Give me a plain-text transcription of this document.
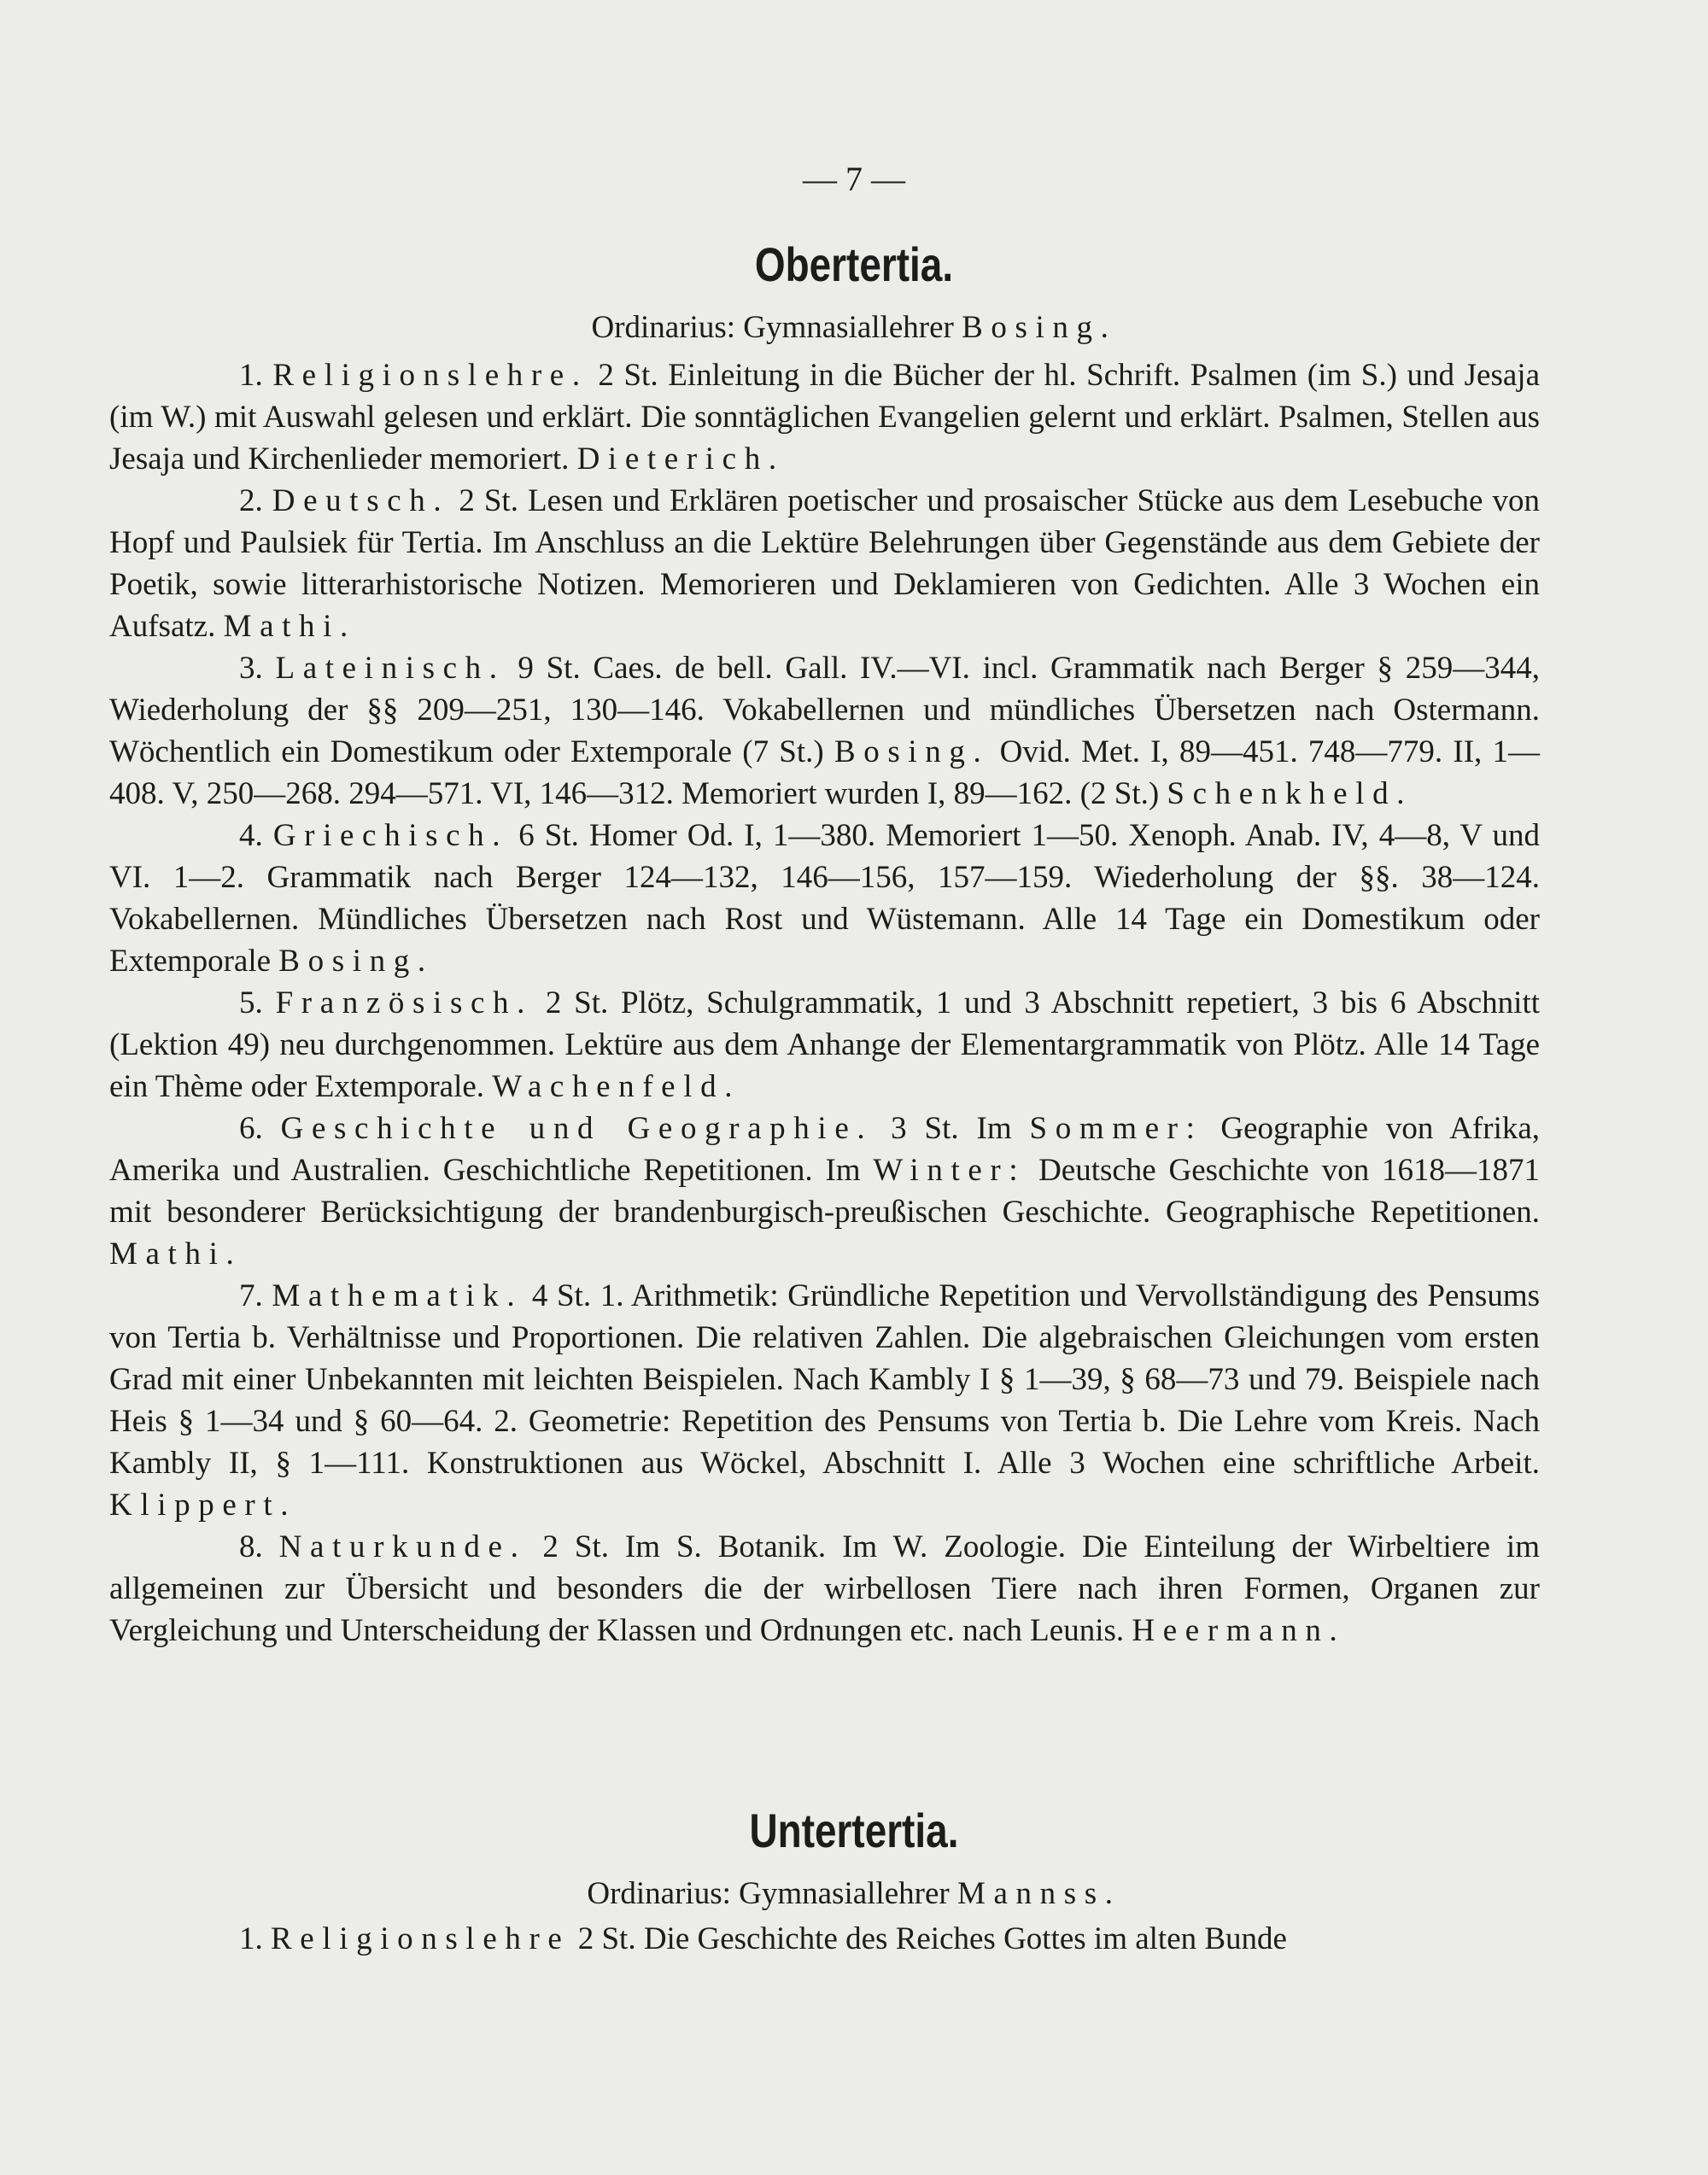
— 7 —
Obertertia.
Ordinarius: Gymnasiallehrer Bosing.

1. Religionslehre. 2 St. Einleitung in die Bücher der hl. Schrift. Psalmen (im S.) und Jesaja (im W.) mit Auswahl gelesen und erklärt. Die sonntäglichen Evangelien gelernt und erklärt. Psalmen, Stellen aus Jesaja und Kirchenlieder memoriert. Dieterich.

2. Deutsch. 2 St. Lesen und Erklären poetischer und prosaischer Stücke aus dem Lesebuche von Hopf und Paulsiek für Tertia. Im Anschluss an die Lektüre Belehrungen über Gegenstände aus dem Gebiete der Poetik, sowie litterarhistorische Notizen. Memorieren und Deklamieren von Gedichten. Alle 3 Wochen ein Aufsatz. Mathi.

3. Lateinisch. 9 St. Caes. de bell. Gall. IV.—VI. incl. Grammatik nach Berger § 259—344, Wiederholung der §§ 209—251, 130—146. Vokabellernen und mündliches Übersetzen nach Ostermann. Wöchentlich ein Domestikum oder Extemporale (7 St.) Bosing. Ovid. Met. I, 89—451. 748—779. II, 1—408. V, 250—268. 294—571. VI, 146—312. Memoriert wurden I, 89—162. (2 St.) Schenkheld.

4. Griechisch. 6 St. Homer Od. I, 1—380. Memoriert 1—50. Xenoph. Anab. IV, 4—8, V und VI. 1—2. Grammatik nach Berger 124—132, 146—156, 157—159. Wiederholung der §§. 38—124. Vokabellernen. Mündliches Übersetzen nach Rost und Wüstemann. Alle 14 Tage ein Domestikum oder Extemporale Bosing.

5. Französisch. 2 St. Plötz, Schulgrammatik, 1 und 3 Abschnitt repetiert, 3 bis 6 Abschnitt (Lektion 49) neu durchgenommen. Lektüre aus dem Anhange der Elementargrammatik von Plötz. Alle 14 Tage ein Thème oder Extemporale. Wachenfeld.

6. Geschichte und Geographie. 3 St. Im Sommer: Geographie von Afrika, Amerika und Australien. Geschichtliche Repetitionen. Im Winter: Deutsche Geschichte von 1618—1871 mit besonderer Berücksichtigung der brandenburgisch-preußischen Geschichte. Geographische Repetitionen. Mathi.

7. Mathematik. 4 St. 1. Arithmetik: Gründliche Repetition und Vervollständigung des Pensums von Tertia b. Verhältnisse und Proportionen. Die relativen Zahlen. Die algebraischen Gleichungen vom ersten Grad mit einer Unbekannten mit leichten Beispielen. Nach Kambly I § 1—39, § 68—73 und 79. Beispiele nach Heis § 1—34 und § 60—64. 2. Geometrie: Repetition des Pensums von Tertia b. Die Lehre vom Kreis. Nach Kambly II, § 1—111. Konstruktionen aus Wöckel, Abschnitt I. Alle 3 Wochen eine schriftliche Arbeit. Klippert.

8. Naturkunde. 2 St. Im S. Botanik. Im W. Zoologie. Die Einteilung der Wirbeltiere im allgemeinen zur Übersicht und besonders die der wirbellosen Tiere nach ihren Formen, Organen zur Vergleichung und Unterscheidung der Klassen und Ordnungen etc. nach Leunis. Heermann.

Untertertia.
Ordinarius: Gymnasiallehrer Mannss.

1. Religionslehre 2 St. Die Geschichte des Reiches Gottes im alten Bunde
